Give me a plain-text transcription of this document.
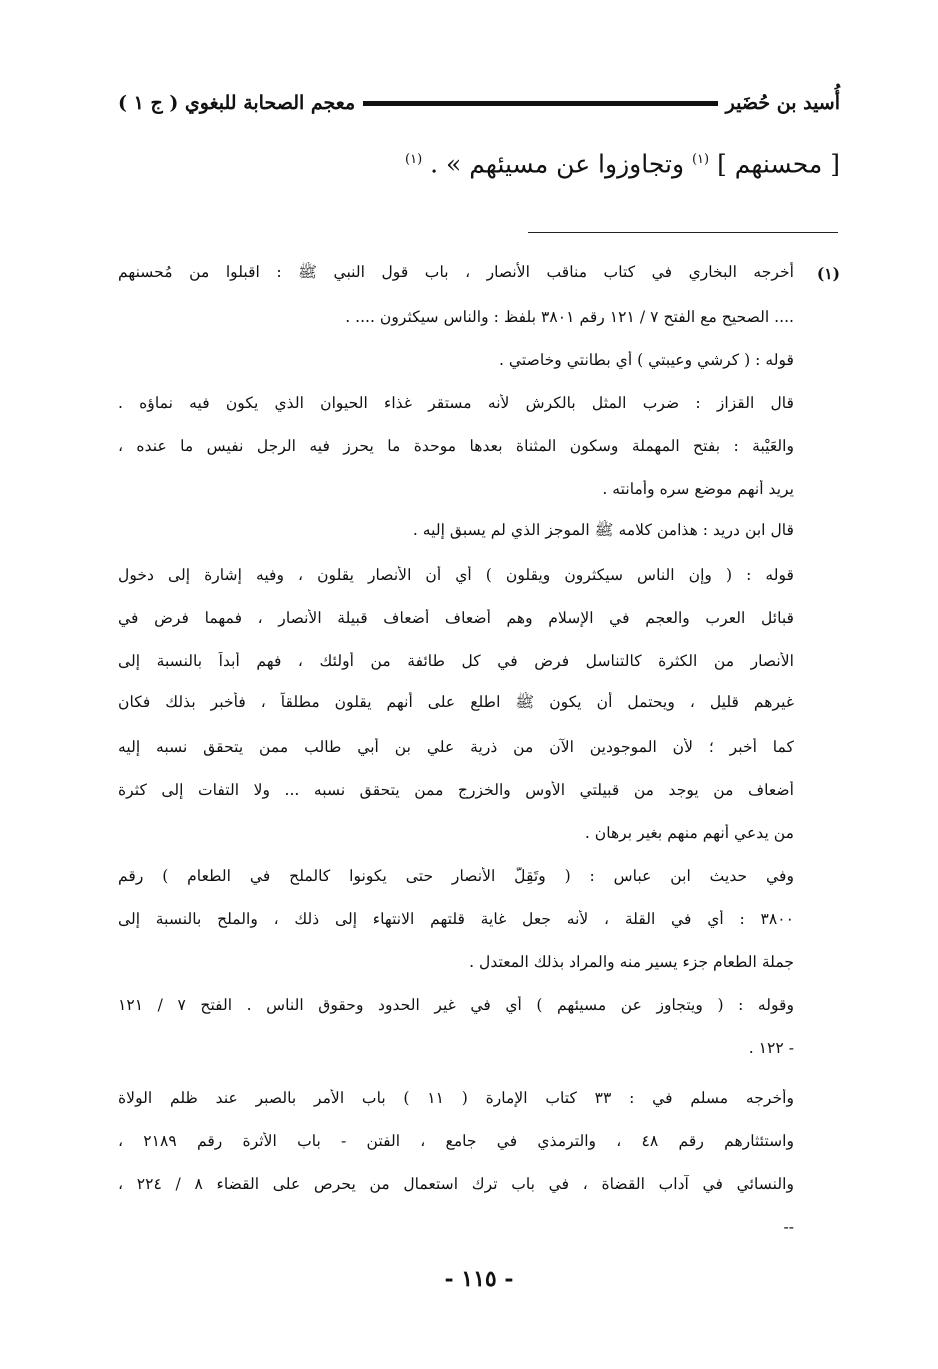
أُسيد بن حُضَير
معجم الصحابة للبغوي ( ج ١ )
[ محسنهم ] $^{(١)}$ وتجاوزوا عن مسيئهم » . $^{(١)}$
(١)
أخرجه البخاري في كتاب مناقب الأنصار ، باب قول النبي ﷺ : اقبلوا من مُحسنهم
.... الصحيح مع الفتح ٧ / ١٢١ رقم ٣٨٠١ بلفظ : والناس سيكثرون .... .
قوله : ( كرشي وعيبتي ) أي بطانتي وخاصتي .
قال القزاز : ضرب المثل بالكرش لأنه مستقر غذاء الحيوان الذي يكون فيه نماؤه .
والعَيْبة : بفتح المهملة وسكون المثناة بعدها موحدة ما يحرز فيه الرجل نفيس ما عنده ،
يريد أنهم موضع سره وأمانته .
قال ابن دريد : هذامن كلامه ﷺ الموجز الذي لم يسبق إليه .
قوله : ( وإن الناس سيكثرون ويقلون ) أي أن الأنصار يقلون ، وفيه إشارة إلى دخول
قبائل العرب والعجم في الإسلام وهم أضعاف أضعاف قبيلة الأنصار ، فمهما فرض في
الأنصار من الكثرة كالتناسل فرض في كل طائفة من أولئك ، فهم أبداً بالنسبة إلى
غيرهم قليل ، ويحتمل أن يكون ﷺ اطلع على أنهم يقلون مطلقاً ، فأخبر بذلك فكان
كما أخبر ؛ لأن الموجودين الآن من ذرية علي بن أبي طالب ممن يتحقق نسبه إليه
أضعاف من يوجد من قبيلتي الأوس والخزرج ممن يتحقق نسبه ... ولا التفات إلى كثرة
من يدعي أنهم منهم بغير برهان .
وفي حديث ابن عباس : ( وتَقِلُّ الأنصار حتى يكونوا كالملح في الطعام ) رقم
٣٨٠٠ : أي في القلة ، لأنه جعل غاية قلتهم الانتهاء إلى ذلك ، والملح بالنسبة إلى
جملة الطعام جزء يسير منه والمراد بذلك المعتدل .
وقوله : ( ويتجاوز عن مسيئهم ) أي في غير الحدود وحقوق الناس . الفتح ٧ / ١٢١
- ١٢٢ .
وأخرجه مسلم في : ٣٣ كتاب الإمارة ( ١١ ) باب الأمر بالصبر عند ظلم الولاة
واستئثارهم رقم ٤٨ ، والترمذي في جامع ، الفتن - باب الأثرة رقم ٢١٨٩ ،
والنسائي في آداب القضاة ، في باب ترك استعمال من يحرص على القضاء ٨ / ٢٢٤ ،
--
- ١١٥ -
